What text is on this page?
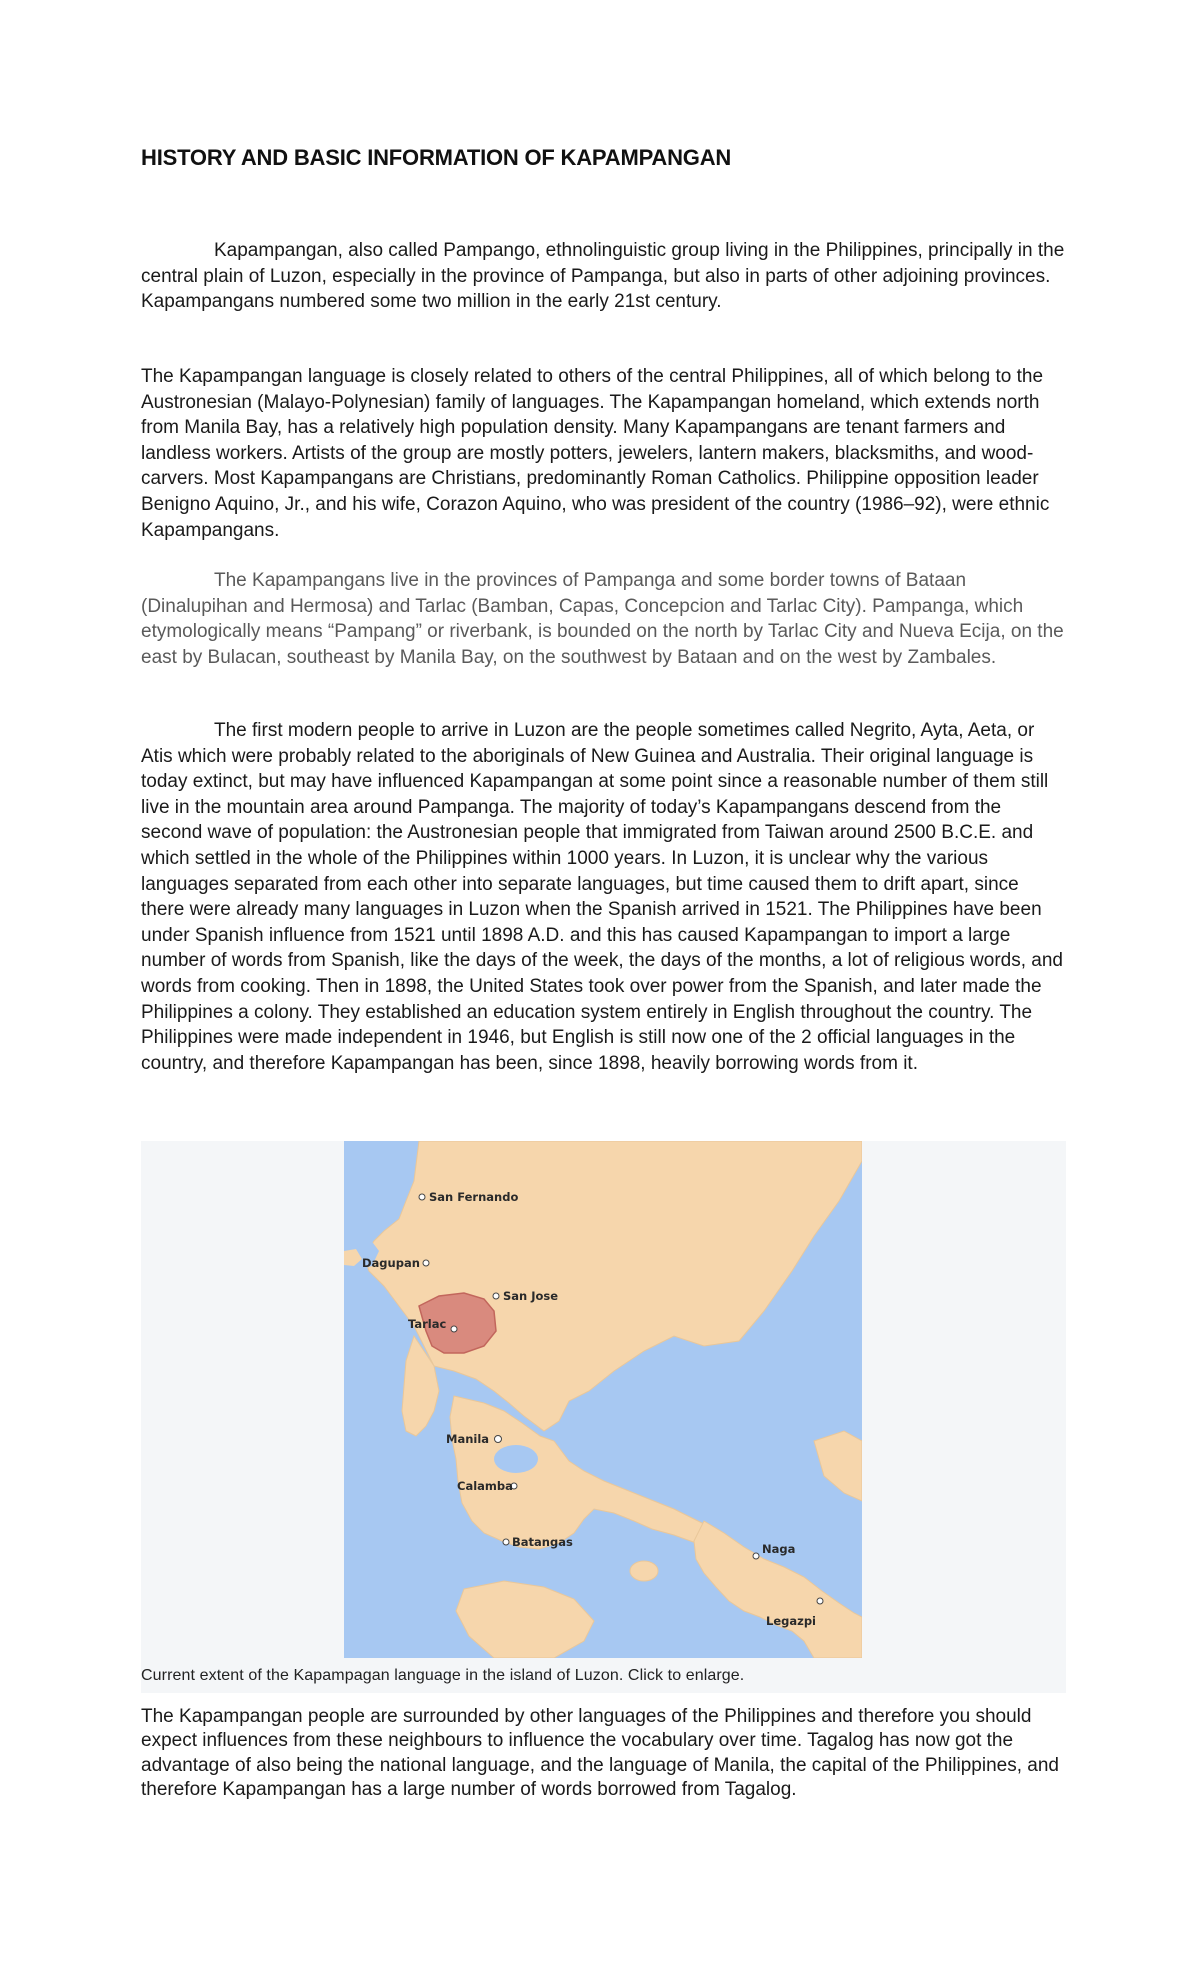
HISTORY AND BASIC INFORMATION OF KAPAMPANGAN

Kapampangan, also called Pampango, ethnolinguistic group living in the Philippines, principally in the central plain of Luzon, especially in the province of Pampanga, but also in parts of other adjoining provinces. Kapampangans numbered some two million in the early 21st century.

The Kapampangan language is closely related to others of the central Philippines, all of which belong to the Austronesian (Malayo-Polynesian) family of languages. The Kapampangan homeland, which extends north from Manila Bay, has a relatively high population density. Many Kapampangans are tenant farmers and landless workers. Artists of the group are mostly potters, jewelers, lantern makers, blacksmiths, and wood-carvers. Most Kapampangans are Christians, predominantly Roman Catholics. Philippine opposition leader Benigno Aquino, Jr., and his wife, Corazon Aquino, who was president of the country (1986–92), were ethnic Kapampangans.

The Kapampangans live in the provinces of Pampanga and some border towns of Bataan (Dinalupihan and Hermosa) and Tarlac (Bamban, Capas, Concepcion and Tarlac City). Pampanga, which etymologically means “Pampang” or riverbank, is bounded on the north by Tarlac City and Nueva Ecija, on the east by Bulacan, southeast by Manila Bay, on the southwest by Bataan and on the west by Zambales.

The first modern people to arrive in Luzon are the people sometimes called Negrito, Ayta, Aeta, or Atis which were probably related to the aboriginals of New Guinea and Australia. Their original language is today extinct, but may have influenced Kapampangan at some point since a reasonable number of them still live in the mountain area around Pampanga. The majority of today’s Kapampangans descend from the second wave of population: the Austronesian people that immigrated from Taiwan around 2500 B.C.E. and which settled in the whole of the Philippines within 1000 years. In Luzon, it is unclear why the various languages separated from each other into separate languages, but time caused them to drift apart, since there were already many languages in Luzon when the Spanish arrived in 1521. The Philippines have been under Spanish influence from 1521 until 1898 A.D. and this has caused Kapampangan to import a large number of words from Spanish, like the days of the week, the days of the months, a lot of religious words, and words from cooking. Then in 1898, the United States took over power from the Spanish, and later made the Philippines a colony. They established an education system entirely in English throughout the country. The Philippines were made independent in 1946, but English is still now one of the 2 official languages in the country, and therefore Kapampangan has been, since 1898, heavily borrowing words from it.

San Fernando
Dagupan
San Jose
Tarlac
Manila
Calamba
Batangas	Naga
Legazpi

Current extent of the Kapampagan language in the island of Luzon. Click to enlarge.

The Kapampangan people are surrounded by other languages of the Philippines and therefore you should expect influences from these neighbours to influence the vocabulary over time. Tagalog has now got the advantage of also being the national language, and the language of Manila, the capital of the Philippines, and therefore Kapampangan has a large number of words borrowed from Tagalog.
